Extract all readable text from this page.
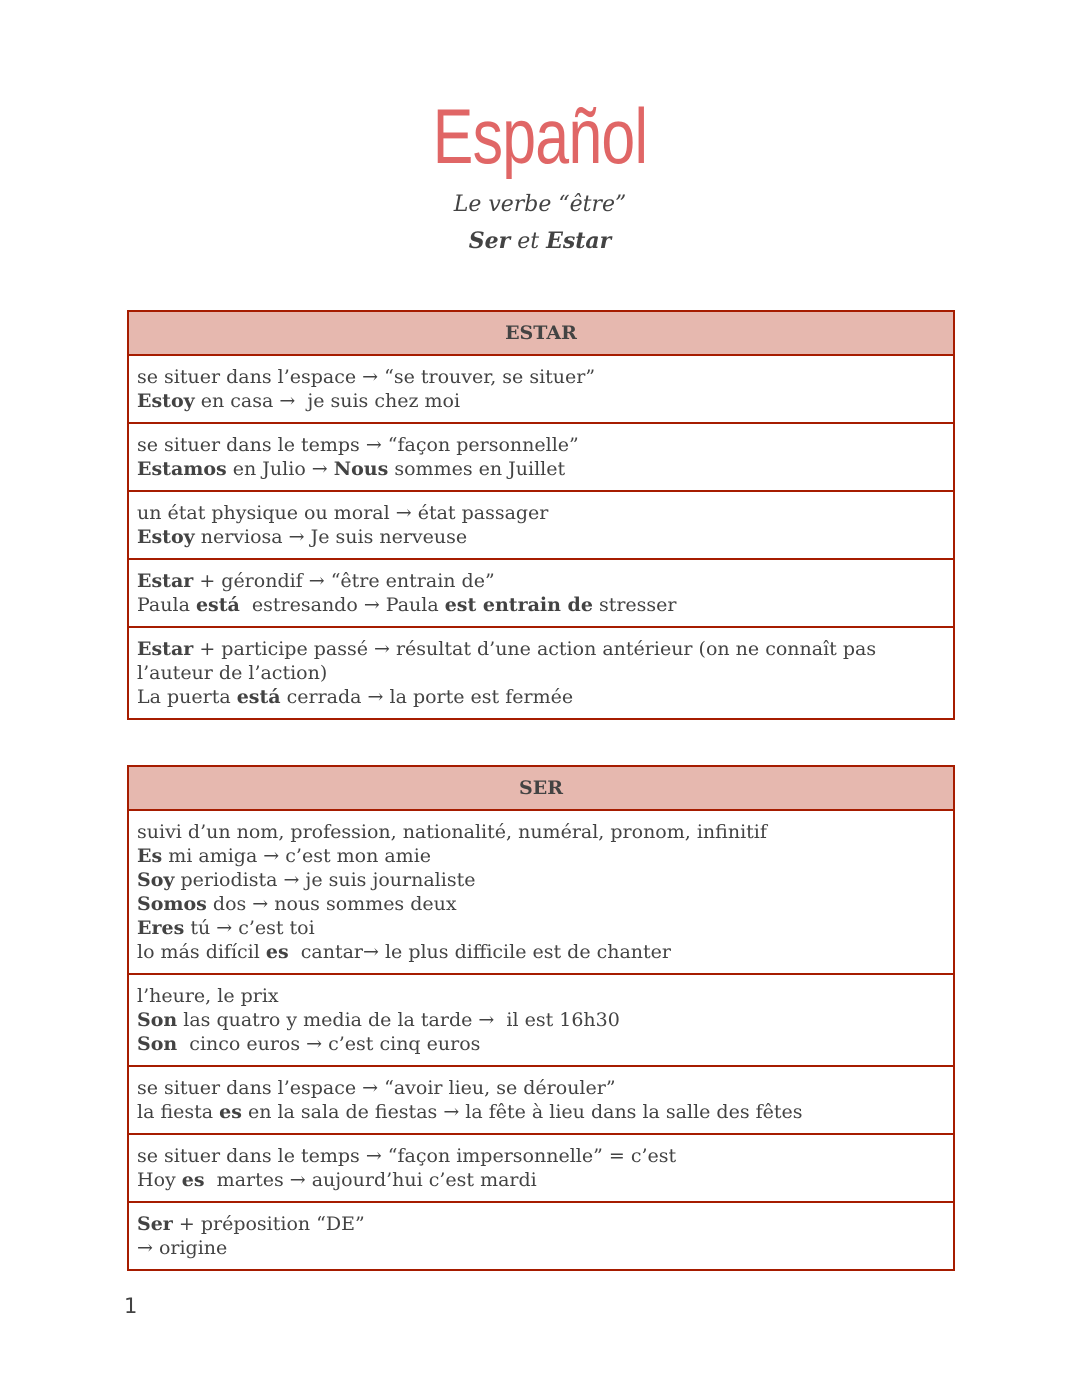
Español
Le verbe “être”
Ser et Estar
ESTAR

se situer dans l’espace → “se trouver, se situer”
Estoy en casa →  je suis chez moi

se situer dans le temps → “façon personnelle”
Estamos en Julio → Nous sommes en Juillet

un état physique ou moral → état passager
Estoy nerviosa → Je suis nerveuse

Estar + gérondif → “être entrain de”
Paula está  estresando → Paula est entrain de stresser

Estar + participe passé → résultat d’une action antérieur (on ne connaît pas l’auteur de l’action)
La puerta está cerrada → la porte est fermée
SER

suivi d’un nom, profession, nationalité, numéral, pronom, infinitif
Es mi amiga → c’est mon amie
Soy periodista → je suis journaliste
Somos dos → nous sommes deux
Eres tú → c’est toi
lo más difícil es  cantar→ le plus difficile est de chanter

l’heure, le prix
Son las quatro y media de la tarde →  il est 16h30
Son  cinco euros → c’est cinq euros

se situer dans l’espace → “avoir lieu, se dérouler”
la fiesta es en la sala de fiestas → la fête à lieu dans la salle des fêtes

se situer dans le temps → “façon impersonnelle” = c’est
Hoy es  martes → aujourd’hui c’est mardi

Ser + préposition “DE”
→ origine
1
